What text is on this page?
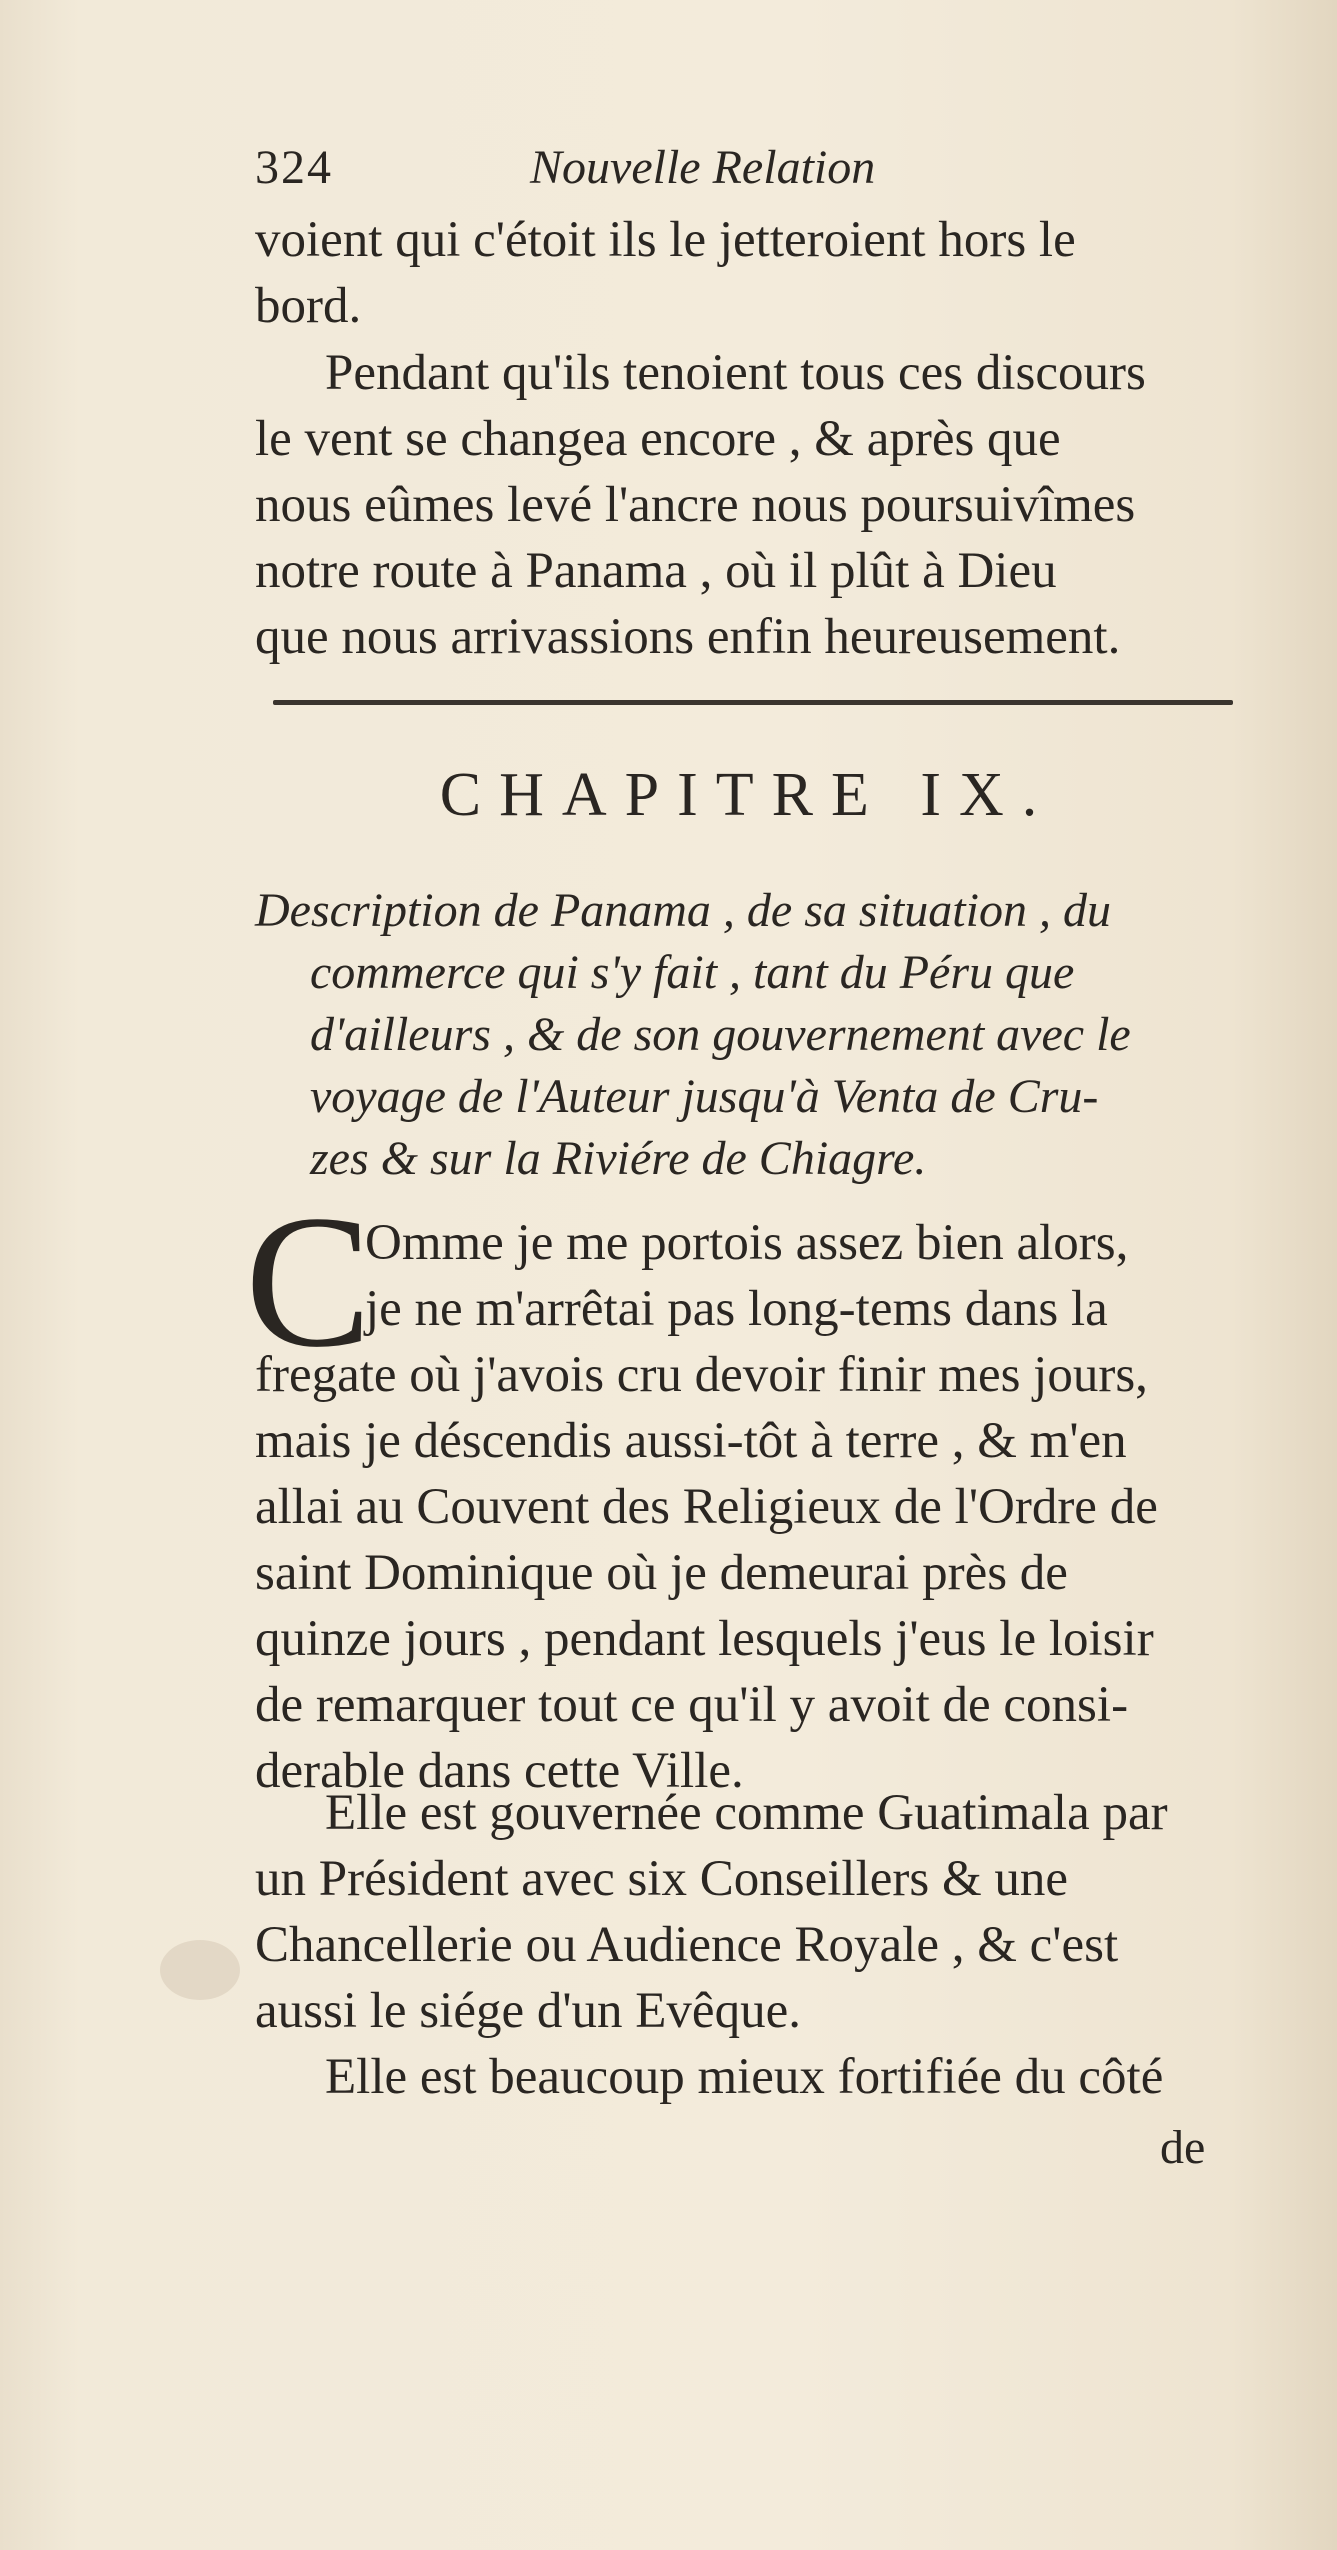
324	Nouvelle Relation

voient qui c'étoit ils le jetteroient hors le
bord.

Pendant qu'ils tenoient tous ces discours
le vent se changea encore , & après que
nous eûmes levé l'ancre nous poursuivîmes
notre route à Panama , où il plût à Dieu
que nous arrivassions enfin heureusement.

CHAPITRE IX.
Description de Panama , de sa situation , du
commerce qui s'y fait , tant du Péru que
d'ailleurs , & de son gouvernement avec le
voyage de l'Auteur jusqu'à Venta de Cru-
zes & sur la Riviére de Chiagre.

C
Omme je me portois assez bien alors,
je ne m'arrêtai pas long-tems dans la
fregate où j'avois cru devoir finir mes jours,
mais je déscendis aussi-tôt à terre , & m'en
allai au Couvent des Religieux de l'Ordre de
saint Dominique où je demeurai près de
quinze jours , pendant lesquels j'eus le loisir
de remarquer tout ce qu'il y avoit de consi-
derable dans cette Ville.

Elle est gouvernée comme Guatimala par
un Président avec six Conseillers & une
Chancellerie ou Audience Royale , & c'est
aussi le siége d'un Evêque.
Elle est beaucoup mieux fortifiée du côté

de
